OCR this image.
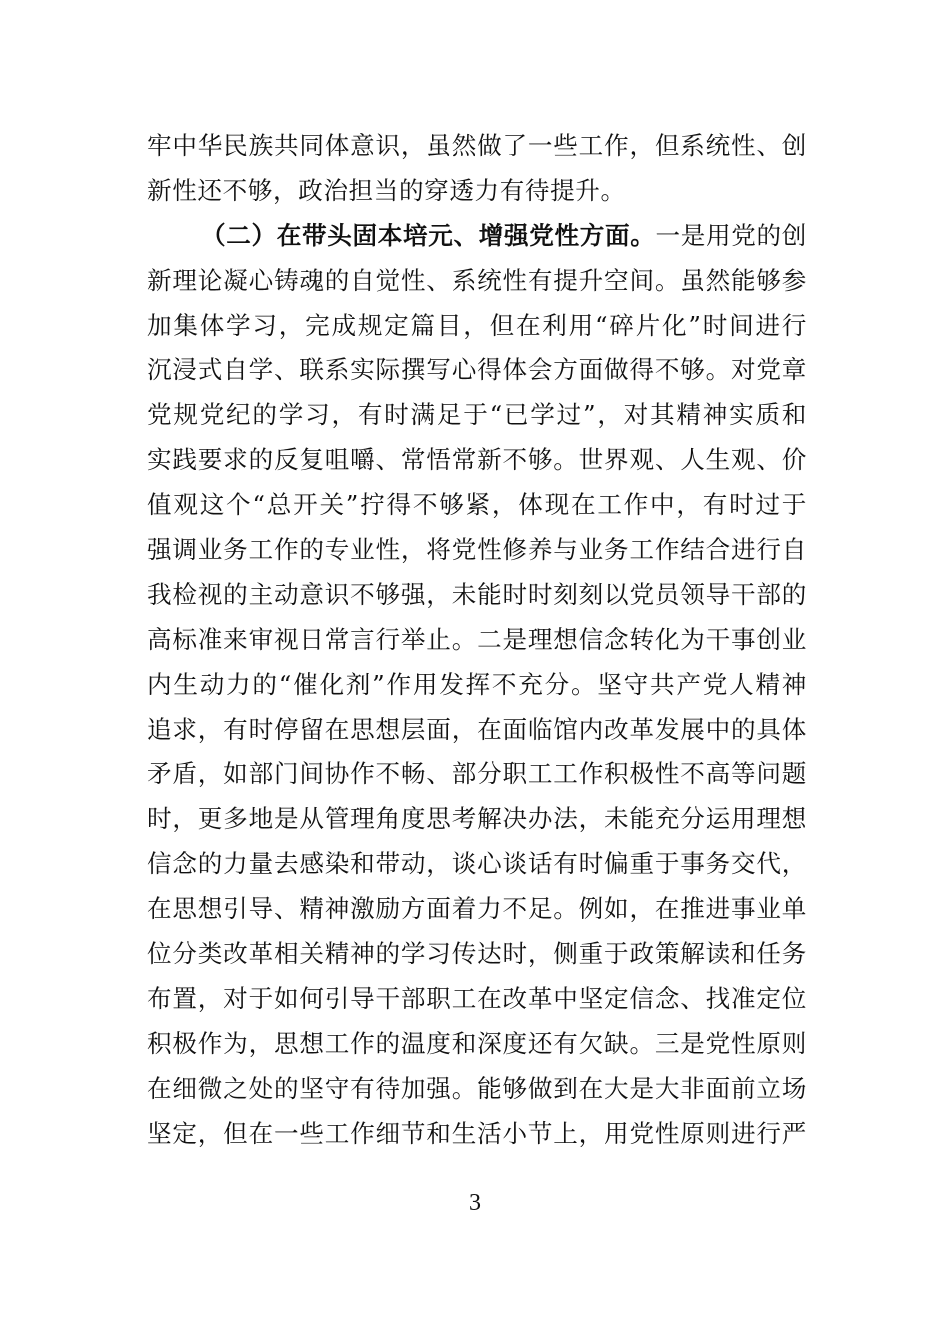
牢中华民族共同体意识，虽然做了一些工作，但系统性、创
新性还不够，政治担当的穿透力有待提升。
（二）在带头固本培元、增强党性方面。一是用党的创
新理论凝心铸魂的自觉性、系统性有提升空间。虽然能够参
加集体学习，完成规定篇目，但在利用“碎片化”时间进行
沉浸式自学、联系实际撰写心得体会方面做得不够。对党章
党规党纪的学习，有时满足于“已学过”，对其精神实质和
实践要求的反复咀嚼、常悟常新不够。世界观、人生观、价
值观这个“总开关”拧得不够紧，体现在工作中，有时过于
强调业务工作的专业性，将党性修养与业务工作结合进行自
我检视的主动意识不够强，未能时时刻刻以党员领导干部的
高标准来审视日常言行举止。二是理想信念转化为干事创业
内生动力的“催化剂”作用发挥不充分。坚守共产党人精神
追求，有时停留在思想层面，在面临馆内改革发展中的具体
矛盾，如部门间协作不畅、部分职工工作积极性不高等问题
时，更多地是从管理角度思考解决办法，未能充分运用理想
信念的力量去感染和带动，谈心谈话有时偏重于事务交代，
在思想引导、精神激励方面着力不足。例如，在推进事业单
位分类改革相关精神的学习传达时，侧重于政策解读和任务
布置，对于如何引导干部职工在改革中坚定信念、找准定位
积极作为，思想工作的温度和深度还有欠缺。三是党性原则
在细微之处的坚守有待加强。能够做到在大是大非面前立场
坚定，但在一些工作细节和生活小节上，用党性原则进行严
3
